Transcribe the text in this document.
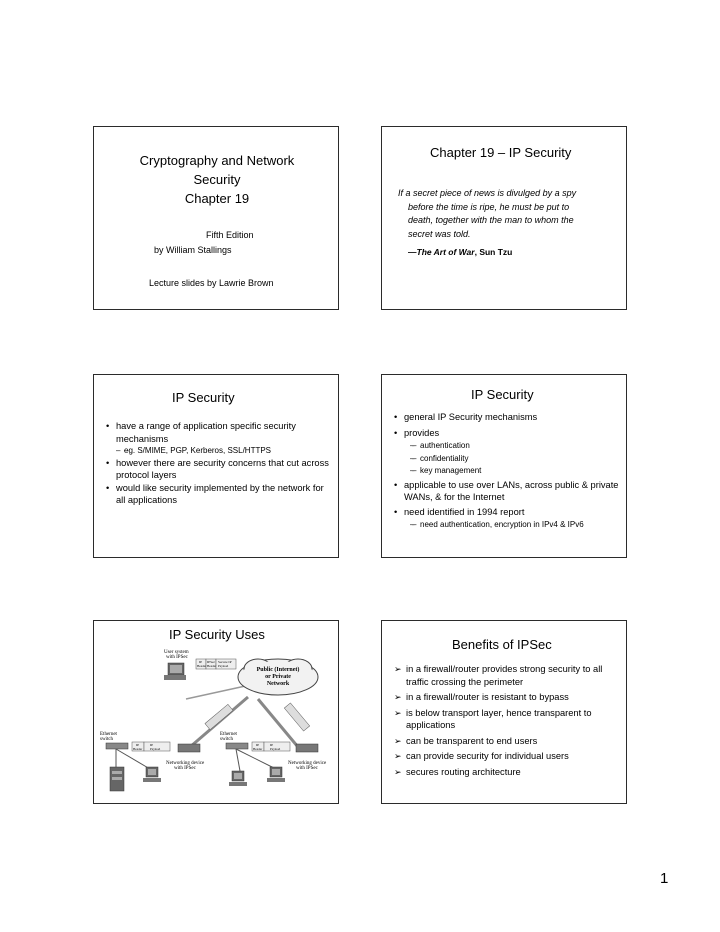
Cryptography and Network
Security
Chapter 19
Fifth Edition
by William Stallings
Lecture slides by Lawrie Brown
Chapter 19 – IP Security
If a secret piece of news is divulged by a spy
before the time is ripe, he must be put to
death, together with the man to whom the
secret was told.
—The Art of War, Sun Tzu
IP Security
• have a range of application specific security mechanisms
– – eg. S/MIME, PGP, Kerberos, SSL/HTTPS
• however there are security concerns that cut across protocol layers
• would like security implemented by the network for all applications
IP Security
• general IP Security mechanisms
• provides
– – authentication
– – confidentiality
– – key management
• applicable to use over LANs, across public & private WANs, & for the Internet
• need identified in 1994 report
– – need authentication, encryption in IPv4 & IPv6
IP Security Uses
User system
with IPSec
IP IPSec Secure IP
Header Header Payload
Public (Internet)
or Private
Network
Ethernet
switch
IP	IP
Header Payload
Networking device
with IPSec
Ethernet
switch
IP	IP
Header Payload
Networking device
with IPSec
Benefits of IPSec
➢ in a firewall/router provides strong security to all traffic crossing the perimeter
➢ in a firewall/router is resistant to bypass
➢ is below transport layer, hence transparent to applications
➢ can be transparent to end users
➢ can provide security for individual users
➢ secures routing architecture
1
